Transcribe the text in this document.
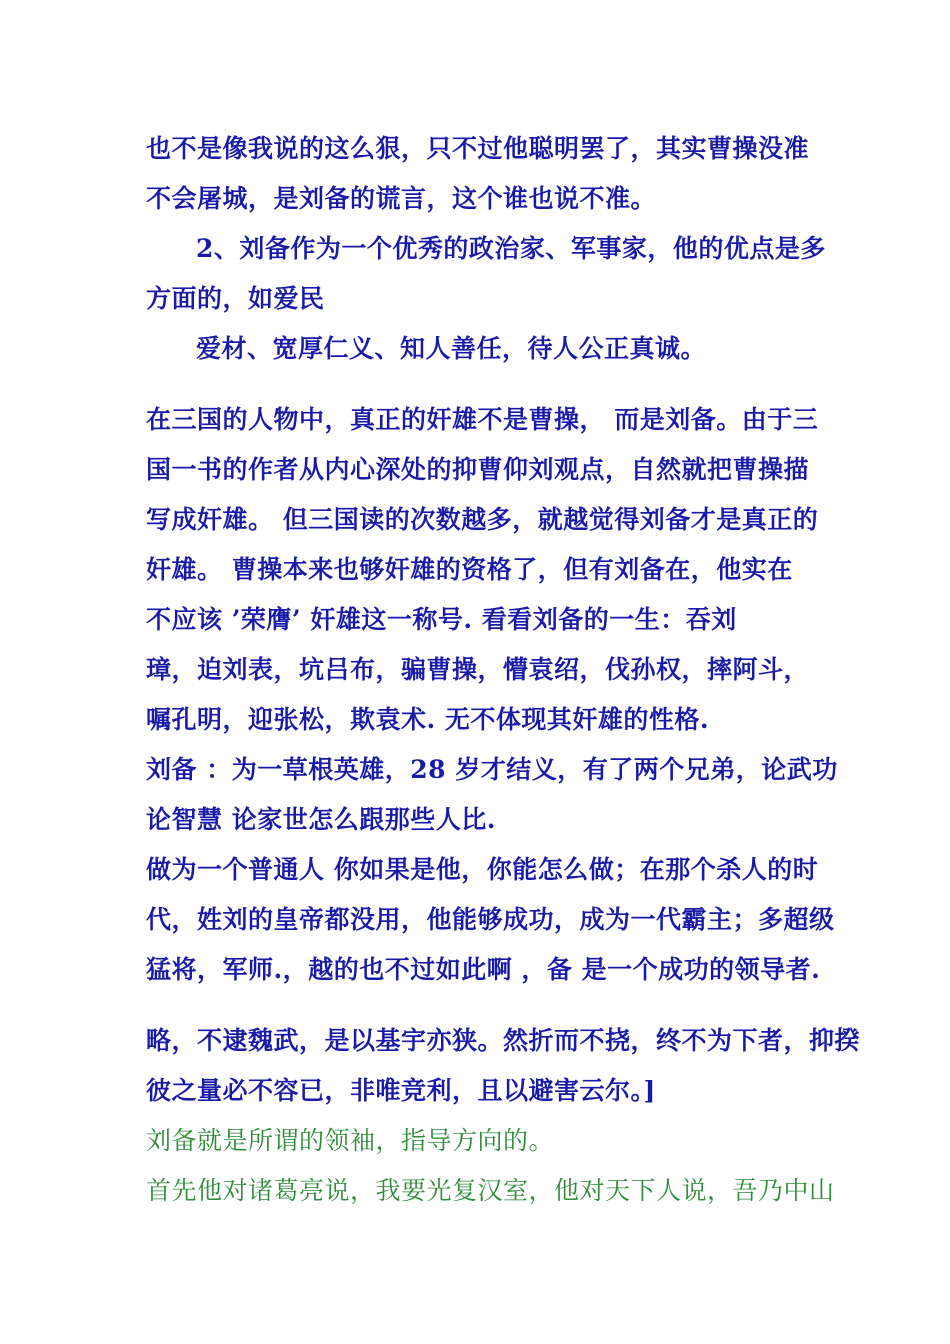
也不是像我说的这么狠，只不过他聪明罢了，其实曹操没准
不会屠城，是刘备的谎言，这个谁也说不准。
2、刘备作为一个优秀的政治家、军事家，他的优点是多
方面的，如爱民
爱材、宽厚仁义、知人善任，待人公正真诚。
在三国的人物中，真正的奸雄不是曹操， 而是刘备。由于三
国一书的作者从内心深处的抑曹仰刘观点，自然就把曹操描
写成奸雄。 但三国读的次数越多，就越觉得刘备才是真正的
奸雄。 曹操本来也够奸雄的资格了，但有刘备在，他实在
不应该 ’荣膺’ 奸雄这一称号. 看看刘备的一生：吞刘
璋，迫刘表，坑吕布，骗曹操，懵袁绍，伐孙权，摔阿斗，
嘱孔明，迎张松，欺袁术. 无不体现其奸雄的性格.
刘备 ：为一草根英雄，28 岁才结义，有了两个兄弟，论武功
论智慧 论家世怎么跟那些人比.
做为一个普通人 你如果是他，你能怎么做；在那个杀人的时
代，姓刘的皇帝都没用，他能够成功，成为一代霸主；多超级
猛将，军师.，越的也不过如此啊 ，备 是一个成功的领导者.
略，不逮魏武，是以基宇亦狭。然折而不挠，终不为下者，抑揆
彼之量必不容已，非唯竞利，且以避害云尔。]
刘备就是所谓的领袖，指导方向的。
首先他对诸葛亮说，我要光复汉室，他对天下人说，吾乃中山
